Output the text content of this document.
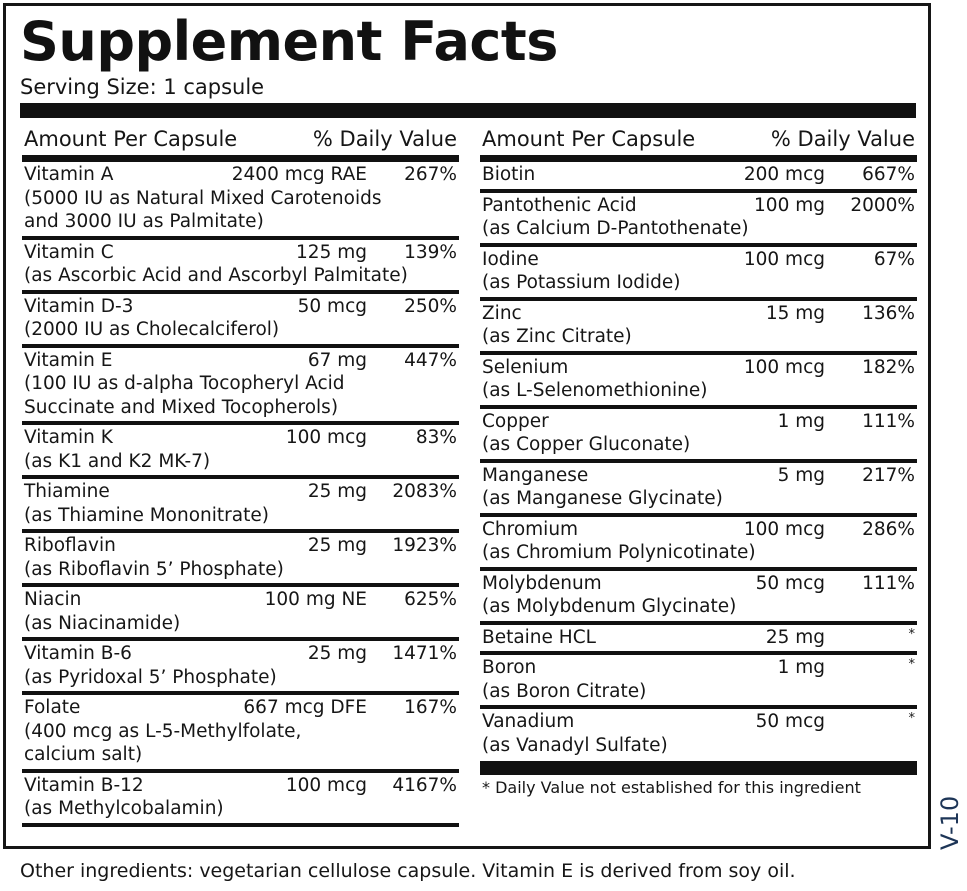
Supplement Facts
Serving Size: 1 capsule
Amount Per Capsule	% Daily Value
Vitamin A	2400 mcg RAE	267%
(5000 IU as Natural Mixed Carotenoids
and 3000 IU as Palmitate)
Vitamin C	125 mg	139%
(as Ascorbic Acid and Ascorbyl Palmitate)
Vitamin D-3	50 mcg	250%
(2000 IU as Cholecalciferol)
Vitamin E	67 mg	447%
(100 IU as d-alpha Tocopheryl Acid
Succinate and Mixed Tocopherols)
Vitamin K	100 mcg	83%
(as K1 and K2 MK-7)
Thiamine	25 mg	2083%
(as Thiamine Mononitrate)
Riboflavin	25 mg	1923%
(as Riboflavin 5’ Phosphate)
Niacin	100 mg NE	625%
(as Niacinamide)
Vitamin B-6	25 mg	1471%
(as Pyridoxal 5’ Phosphate)
Folate	667 mcg DFE	167%
(400 mcg as L-5-Methylfolate,
calcium salt)
Vitamin B-12	100 mcg	4167%
(as Methylcobalamin)
Amount Per Capsule	% Daily Value
Biotin	200 mcg	667%
Pantothenic Acid	100 mg	2000%
(as Calcium D-Pantothenate)
Iodine	100 mcg	67%
(as Potassium Iodide)
Zinc	15 mg	136%
(as Zinc Citrate)
Selenium	100 mcg	182%
(as L-Selenomethionine)
Copper	1 mg	111%
(as Copper Gluconate)
Manganese	5 mg	217%
(as Manganese Glycinate)
Chromium	100 mcg	286%
(as Chromium Polynicotinate)
Molybdenum	50 mcg	111%
(as Molybdenum Glycinate)
Betaine HCL	25 mg	*
Boron	1 mg	*
(as Boron Citrate)
Vanadium	50 mcg	*
(as Vanadyl Sulfate)
* Daily Value not established for this ingredient
Other ingredients: vegetarian cellulose capsule. Vitamin E is derived from soy oil.
V-10
